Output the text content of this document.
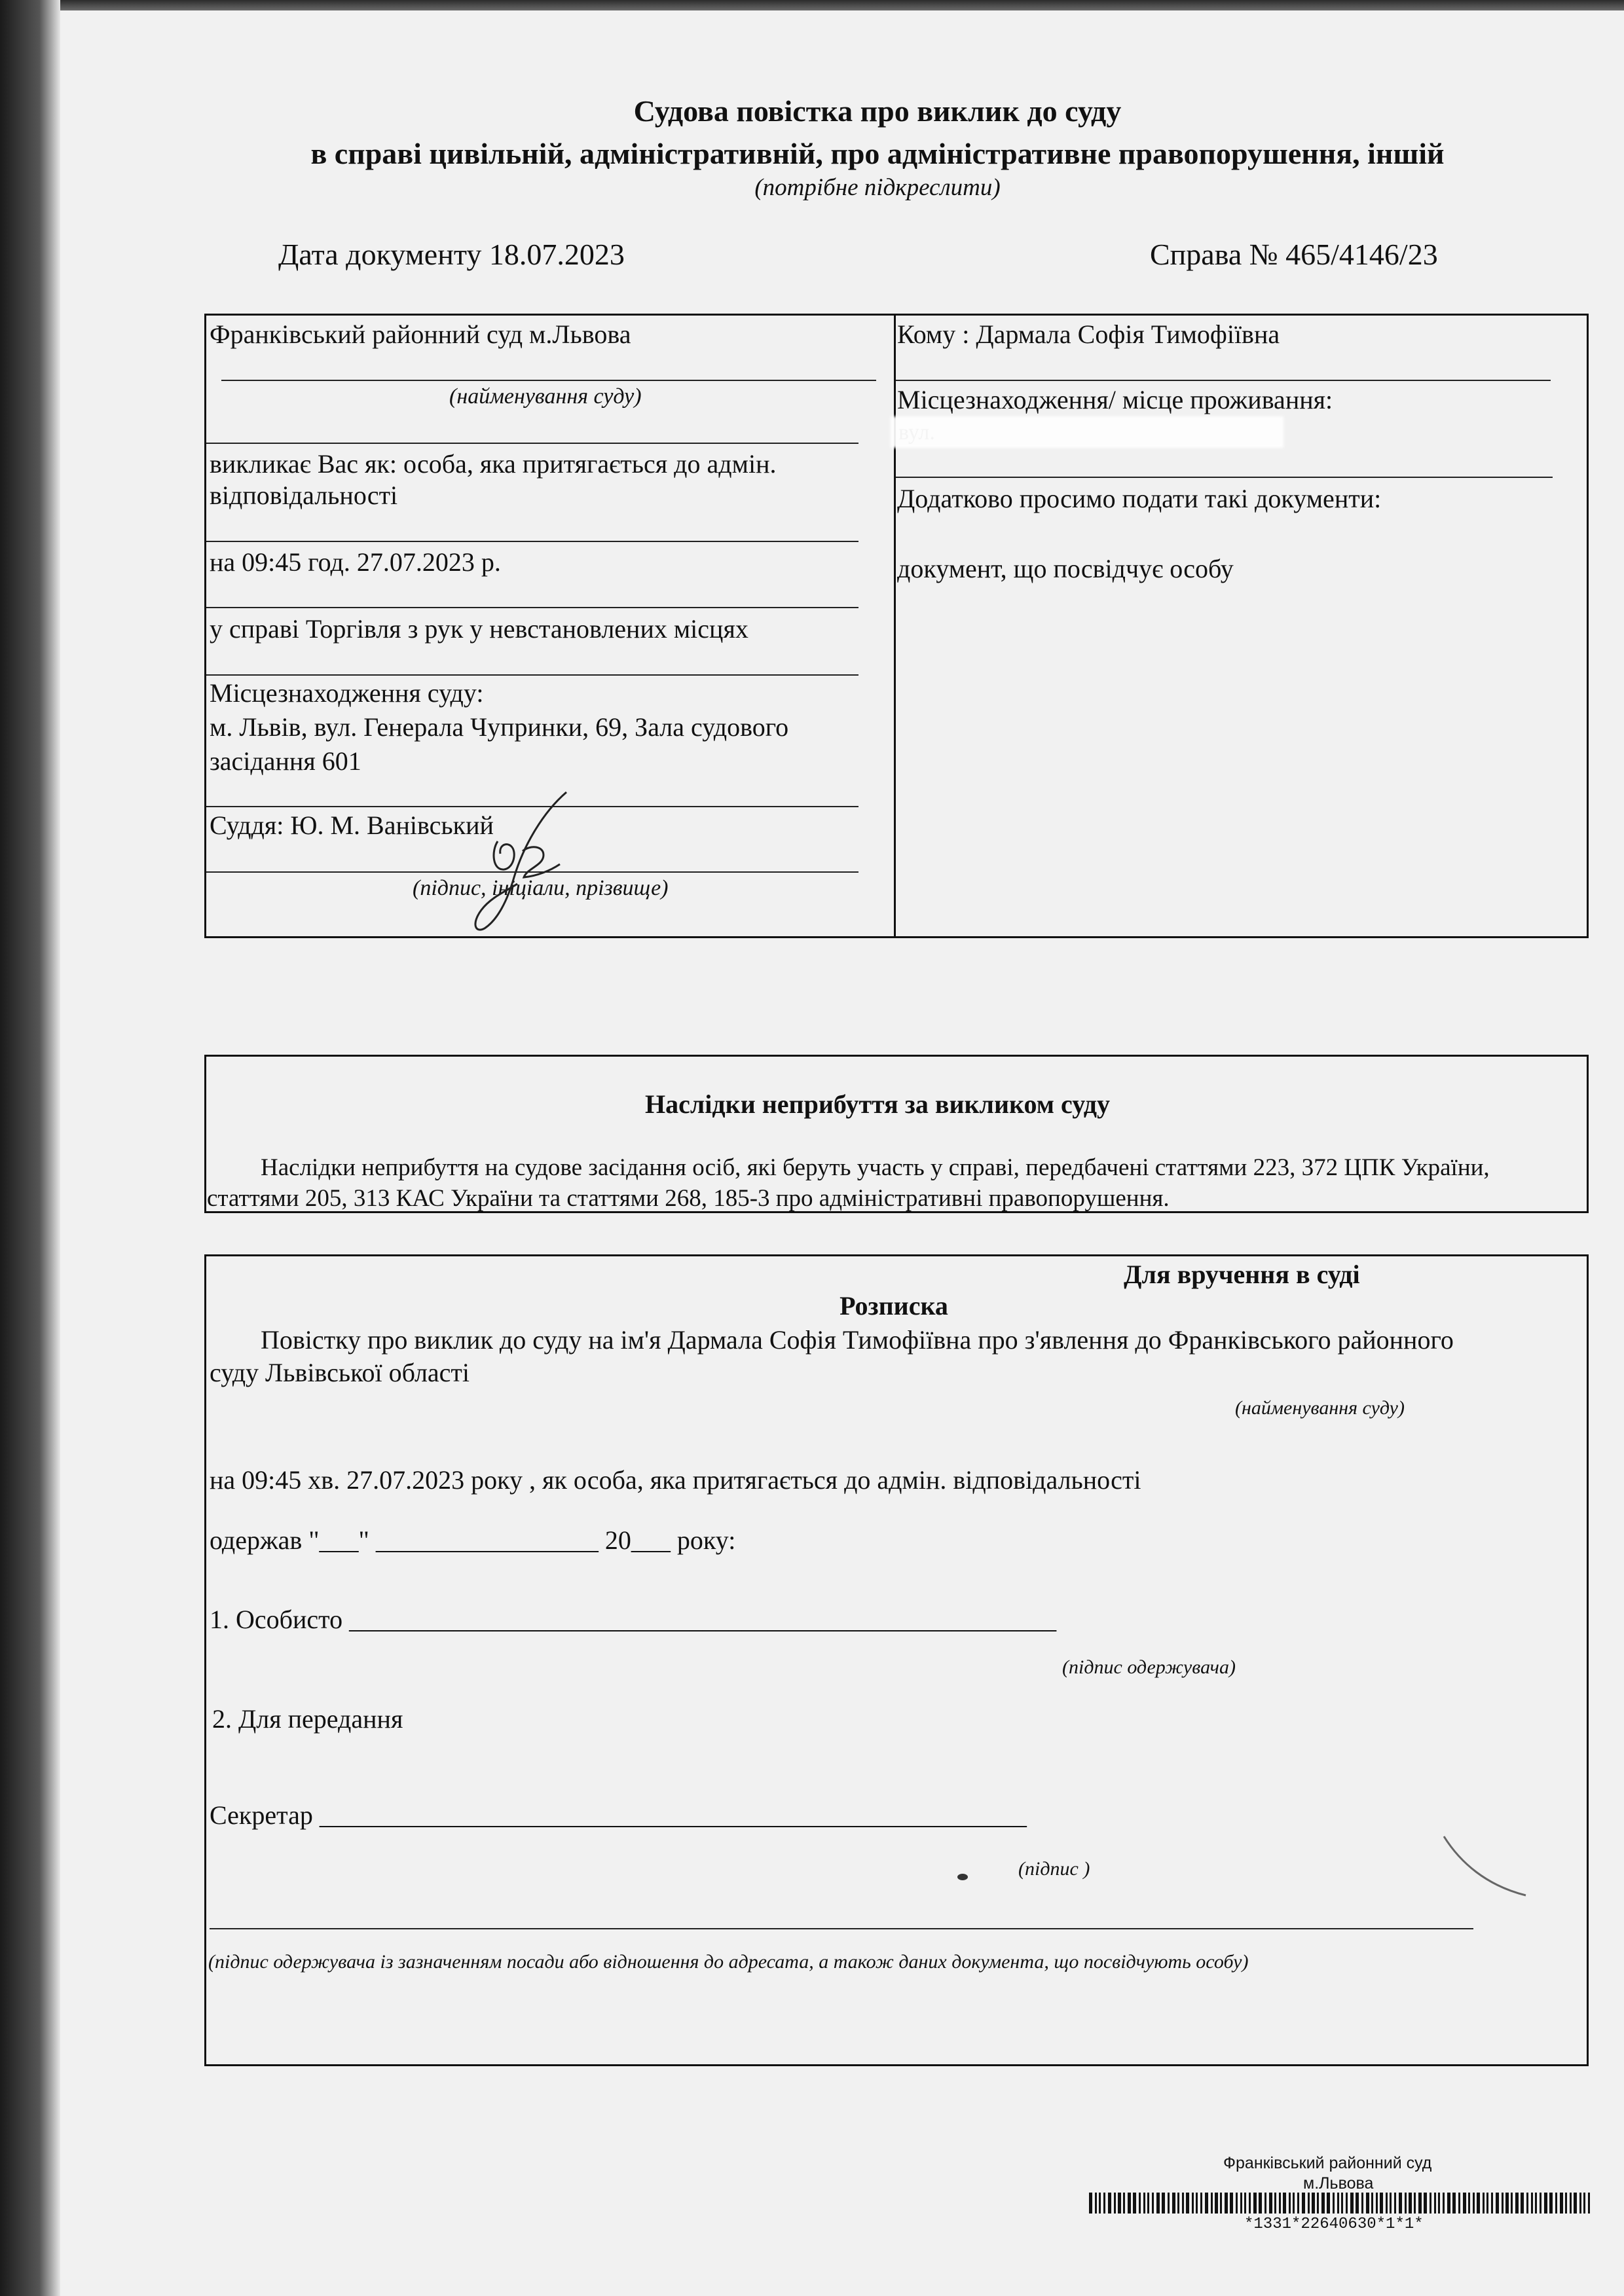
Судова повістка про виклик до суду
в справі цивільній, адміністративній, про адміністративне правопорушення, іншій
(потрібне підкреслити)
Дата документу 18.07.2023	Справа № 465/4146/23
Франківський районний суд м.Львова
(найменування суду)
викликає Вас як: особа, яка притягається до адмін.
відповідальності
на 09:45 год. 27.07.2023 р.
у справі Торгівля з рук у невстановлених місцях
Місцезнаходження суду:
м. Львів, вул. Генерала Чупринки, 69, Зала судового
засідання 601
Суддя: Ю. М. Ванівський
(підпис, ініціали, прізвище)
Кому : Дармала Софія Тимофіївна
Місцезнаходження/ місце проживання:
Додатково просимо подати такі документи:
документ, що посвідчує особу
Наслідки неприбуття за викликом суду
Наслідки неприбуття на судове засідання осіб, які беруть участь у справі, передбачені статтями 223, 372 ЦПК України,
статтями 205, 313 КАС України та статтями 268, 185-3 про адміністративні правопорушення.
Для вручення в суді
Розписка
Повістку про виклик до суду на ім'я Дармала Софія Тимофіївна про з'явлення до Франківського районного
суду Львівської області
(найменування суду)
на 09:45 хв. 27.07.2023 року , як особа, яка притягається до адмін. відповідальності
одержав "___" _________________ 20___ року:
1. Особисто ______________________________________________________
(підпис одержувача)
2. Для передання
Секретар ______________________________________________________
(підпис )
(підпис одержувача із зазначенням посади або відношення до адресата, а також даних документа, що посвідчують особу)
Франківський районний суд
м.Львова
*1331*22640630*1*1*
